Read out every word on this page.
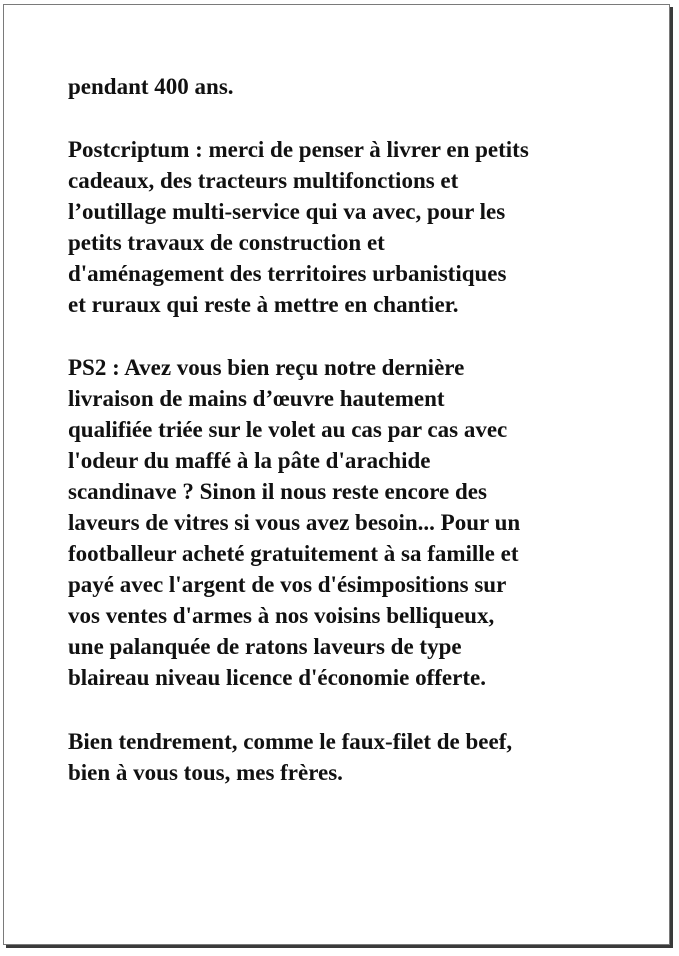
pendant 400 ans.

Postcriptum : merci de penser à livrer en petits
cadeaux, des tracteurs multifonctions et
l’outillage multi-service qui va avec, pour les
petits travaux de construction et
d'aménagement des territoires urbanistiques
et ruraux qui reste à mettre en chantier.

PS2 : Avez vous bien reçu notre dernière
livraison de mains d’œuvre hautement
qualifiée triée sur le volet au cas par cas avec
l'odeur du maffé à la pâte d'arachide
scandinave ? Sinon il nous reste encore des
laveurs de vitres si vous avez besoin... Pour un
footballeur acheté gratuitement à sa famille et
payé avec l'argent de vos d'ésimpositions sur
vos ventes d'armes à nos voisins belliqueux,
une palanquée de ratons laveurs de type
blaireau niveau licence d'économie offerte.

Bien tendrement, comme le faux-filet de beef,
bien à vous tous, mes frères.
